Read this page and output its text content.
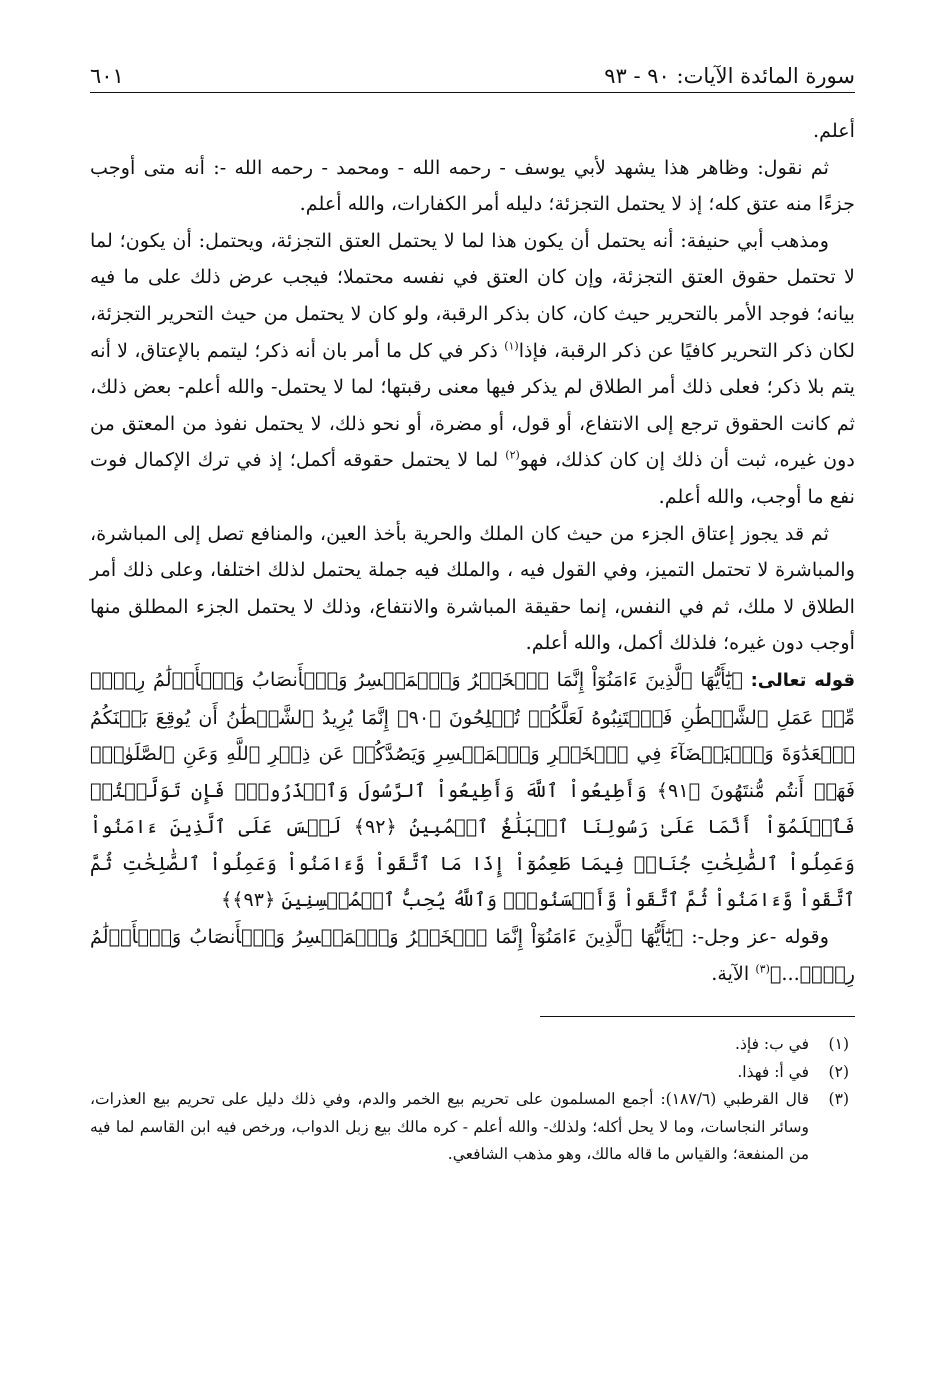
سورة المائدة الآيات: ٩٠ - ٩٣
٦٠١

أعلم.

ثم نقول: وظاهر هذا يشهد لأبي يوسف - رحمه الله - ومحمد - رحمه الله -: أنه متى أوجب جزءًا منه عتق كله؛ إذ لا يحتمل التجزئة؛ دليله أمر الكفارات، والله أعلم.

ومذهب أبي حنيفة: أنه يحتمل أن يكون هذا لما لا يحتمل العتق التجزئة، ويحتمل: أن يكون؛ لما لا تحتمل حقوق العتق التجزئة، وإن كان العتق في نفسه محتملا؛ فيجب عرض ذلك على ما فيه بيانه؛ فوجد الأمر بالتحرير حيث كان، كان بذكر الرقبة، ولو كان لا يحتمل من حيث التحرير التجزئة، لكان ذكر التحرير كافيًا عن ذكر الرقبة، فإذا$^{(١)}$ ذكر في كل ما أمر بان أنه ذكر؛ ليتمم بالإعتاق، لا أنه يتم بلا ذكر؛ فعلى ذلك أمر الطلاق لم يذكر فيها معنى رقبتها؛ لما لا يحتمل- والله أعلم- بعض ذلك، ثم كانت الحقوق ترجع إلى الانتفاع، أو قول، أو مضرة، أو نحو ذلك، لا يحتمل نفوذ من المعتق من دون غيره، ثبت أن ذلك إن كان كذلك، فهو$^{(٢)}$ لما لا يحتمل حقوقه أكمل؛ إذ في ترك الإكمال فوت نفع ما أوجب، والله أعلم.

ثم قد يجوز إعتاق الجزء من حيث كان الملك والحرية بأخذ العين، والمنافع تصل إلى المباشرة، والمباشرة لا تحتمل التميز، وفي القول فيه ، والملك فيه جملة يحتمل لذلك اختلفا، وعلى ذلك أمر الطلاق لا ملك، ثم في النفس، إنما حقيقة المباشرة والانتفاع، وذلك لا يحتمل الجزء المطلق منها أوجب دون غيره؛ فلذلك أكمل، والله أعلم.

قوله تعالى: ﴿يَٰٓأَيُّهَا ٱلَّذِينَ ءَامَنُوٓاْ إِنَّمَا ٱلۡخَمۡرُ وَٱلۡمَيۡسِرُ وَٱلۡأَنصَابُ وَٱلۡأَزۡلَٰمُ رِجۡسٞ مِّنۡ عَمَلِ ٱلشَّيۡطَٰنِ فَٱجۡتَنِبُوهُ لَعَلَّكُمۡ تُفۡلِحُونَ ﴿٩٠﴾ إِنَّمَا يُرِيدُ ٱلشَّيۡطَٰنُ أَن يُوقِعَ بَيۡنَكُمُ ٱلۡعَدَٰوَةَ وَٱلۡبَغۡضَآءَ فِي ٱلۡخَمۡرِ وَٱلۡمَيۡسِرِ وَيَصُدَّكُمۡ عَن ذِكۡرِ ٱللَّهِ وَعَنِ ٱلصَّلَوٰةِۖ فَهَلۡ أَنتُم مُّنتَهُونَ ﴿٩١﴾ وَأَطِيعُواْ ٱللَّهَ وَأَطِيعُواْ ٱلرَّسُولَ وَٱحۡذَرُواْۚ فَإِن تَوَلَّيۡتُمۡ فَٱعۡلَمُوٓاْ أَنَّمَا عَلَىٰ رَسُولِنَا ٱلۡبَلَٰغُ ٱلۡمُبِينُ ﴿٩٢﴾ لَيۡسَ عَلَى ٱلَّذِينَ ءَامَنُواْ وَعَمِلُواْ ٱلصَّٰلِحَٰتِ جُنَاحٞ فِيمَا طَعِمُوٓاْ إِذَا مَا ٱتَّقَواْ وَّءَامَنُواْ وَعَمِلُواْ ٱلصَّٰلِحَٰتِ ثُمَّ ٱتَّقَواْ وَّءَامَنُواْ ثُمَّ ٱتَّقَواْ وَّأَحۡسَنُواْۚ وَٱللَّهُ يُحِبُّ ٱلۡمُحۡسِنِينَ ﴿٩٣﴾﴾

وقوله -عز وجل-: ﴿يَٰٓأَيُّهَا ٱلَّذِينَ ءَامَنُوٓاْ إِنَّمَا ٱلۡخَمۡرُ وَٱلۡمَيۡسِرُ وَٱلۡأَنصَابُ وَٱلۡأَزۡلَٰمُ رِجۡسٞ...﴾$^{(٣)}$ الآية.

(١)
في ب: فإذ.
(٢)
في أ: فهذا.
(٣)
قال القرطبي (١٨٧/٦): أجمع المسلمون على تحريم بيع الخمر والدم، وفي ذلك دليل على تحريم بيع العذرات، وسائر النجاسات، وما لا يحل أكله؛ ولذلك- والله أعلم - كره مالك بيع زبل الدواب، ورخص فيه ابن القاسم لما فيه من المنفعة؛ والقياس ما قاله مالك، وهو مذهب الشافعي.
